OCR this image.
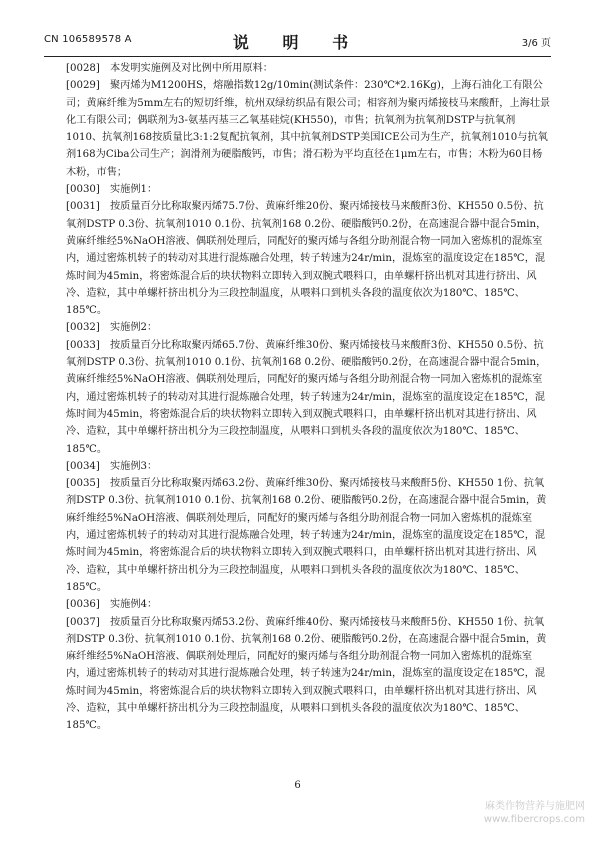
CN 106589578 A	说 明 书	3/6 页

[0028] 本发明实施例及对比例中所用原料：

[0029] 聚丙烯为M1200HS，熔融指数12g/10min(测试条件：230℃*2.16Kg)，上海石油化工有限公司；黄麻纤维为5mm左右的短切纤维，杭州双绿纺织品有限公司；相容剂为聚丙烯接枝马来酸酐，上海壮景化工有限公司；偶联剂为3-氨基丙基三乙氧基硅烷(KH550)，市售；抗氧剂为抗氧剂DSTP与抗氧剂1010、抗氧剂168按质量比3:1:2复配抗氧剂，其中抗氧剂DSTP美国ICE公司为生产，抗氧剂1010与抗氧剂168为Ciba公司生产；润滑剂为硬脂酸钙，市售；滑石粉为平均直径在1μm左右，市售；木粉为60目杨木粉，市售；

[0030] 实施例1：

[0031] 按质量百分比称取聚丙烯75.7份、黄麻纤维20份、聚丙烯接枝马来酸酐3份、KH550 0.5份、抗氧剂DSTP 0.3份、抗氧剂1010 0.1份、抗氧剂168 0.2份、硬脂酸钙0.2份，在高速混合器中混合5min，黄麻纤维经5%NaOH溶液、偶联剂处理后，同配好的聚丙烯与各组分助剂混合物一同加入密炼机的混炼室内，通过密炼机转子的转动对其进行混炼融合处理，转子转速为24r/min，混炼室的温度设定在185℃，混炼时间为45min，将密炼混合后的块状物料立即转入到双腕式喂料口，由单螺杆挤出机对其进行挤出、风冷、造粒，其中单螺杆挤出机分为三段控制温度，从喂料口到机头各段的温度依次为180℃、185℃、185℃。

[0032] 实施例2：

[0033] 按质量百分比称取聚丙烯65.7份、黄麻纤维30份、聚丙烯接枝马来酸酐3份、KH550 0.5份、抗氧剂DSTP 0.3份、抗氧剂1010 0.1份、抗氧剂168 0.2份、硬脂酸钙0.2份，在高速混合器中混合5min，黄麻纤维经5%NaOH溶液、偶联剂处理后，同配好的聚丙烯与各组分助剂混合物一同加入密炼机的混炼室内，通过密炼机转子的转动对其进行混炼融合处理，转子转速为24r/min，混炼室的温度设定在185℃，混炼时间为45min，将密炼混合后的块状物料立即转入到双腕式喂料口，由单螺杆挤出机对其进行挤出、风冷、造粒，其中单螺杆挤出机分为三段控制温度，从喂料口到机头各段的温度依次为180℃、185℃、185℃。

[0034] 实施例3：

[0035] 按质量百分比称取聚丙烯63.2份、黄麻纤维30份、聚丙烯接枝马来酸酐5份、KH550 1份、抗氧剂DSTP 0.3份、抗氧剂1010 0.1份、抗氧剂168 0.2份、硬脂酸钙0.2份，在高速混合器中混合5min，黄麻纤维经5%NaOH溶液、偶联剂处理后，同配好的聚丙烯与各组分助剂混合物一同加入密炼机的混炼室内，通过密炼机转子的转动对其进行混炼融合处理，转子转速为24r/min，混炼室的温度设定在185℃，混炼时间为45min，将密炼混合后的块状物料立即转入到双腕式喂料口，由单螺杆挤出机对其进行挤出、风冷、造粒，其中单螺杆挤出机分为三段控制温度，从喂料口到机头各段的温度依次为180℃、185℃、185℃。

[0036] 实施例4：

[0037] 按质量百分比称取聚丙烯53.2份、黄麻纤维40份、聚丙烯接枝马来酸酐5份、KH550 1份、抗氧剂DSTP 0.3份、抗氧剂1010 0.1份、抗氧剂168 0.2份、硬脂酸钙0.2份，在高速混合器中混合5min，黄麻纤维经5%NaOH溶液、偶联剂处理后，同配好的聚丙烯与各组分助剂混合物一同加入密炼机的混炼室内，通过密炼机转子的转动对其进行混炼融合处理，转子转速为24r/min，混炼室的温度设定在185℃，混炼时间为45min，将密炼混合后的块状物料立即转入到双腕式喂料口，由单螺杆挤出机对其进行挤出、风冷、造粒，其中单螺杆挤出机分为三段控制温度，从喂料口到机头各段的温度依次为180℃、185℃、185℃。

6
麻类作物营养与施肥网
www.fibercrops.com
